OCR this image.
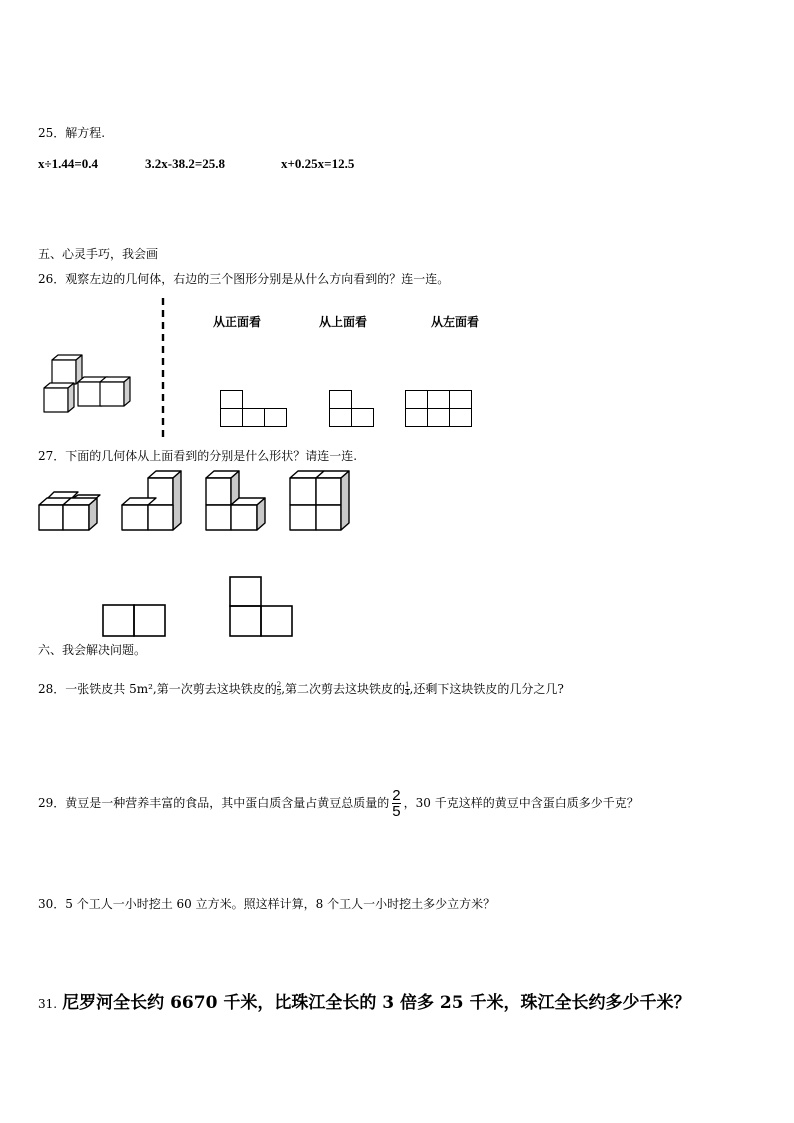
25．解方程.
x÷1.44=0.4	3.2x-38.2=25.8	x+0.25x=12.5
五、心灵手巧，我会画
26．观察左边的几何体，右边的三个图形分别是从什么方向看到的？连一连。
从正面看	从上面看	从左面看
27．下面的几何体从上面看到的分别是什么形状？请连一连.
六、我会解决问题。
28．一张铁皮共 5m²,第一次剪去这块铁皮的 $\frac{2}{5}$ ,第二次剪去这块铁皮的 $\frac{1}{4}$ ,还剩下这块铁皮的几分之几?
29．黄豆是一种营养丰富的食品，其中蛋白质含量占黄豆总质量的 $\frac{2}{5}$ ，30 千克这样的黄豆中含蛋白质多少千克？
30．5 个工人一小时挖土 60 立方米。照这样计算，8 个工人一小时挖土多少立方米？
31. 尼罗河全长约 6670 千米，比珠江全长的 3 倍多 25 千米，珠江全长约多少千米？
